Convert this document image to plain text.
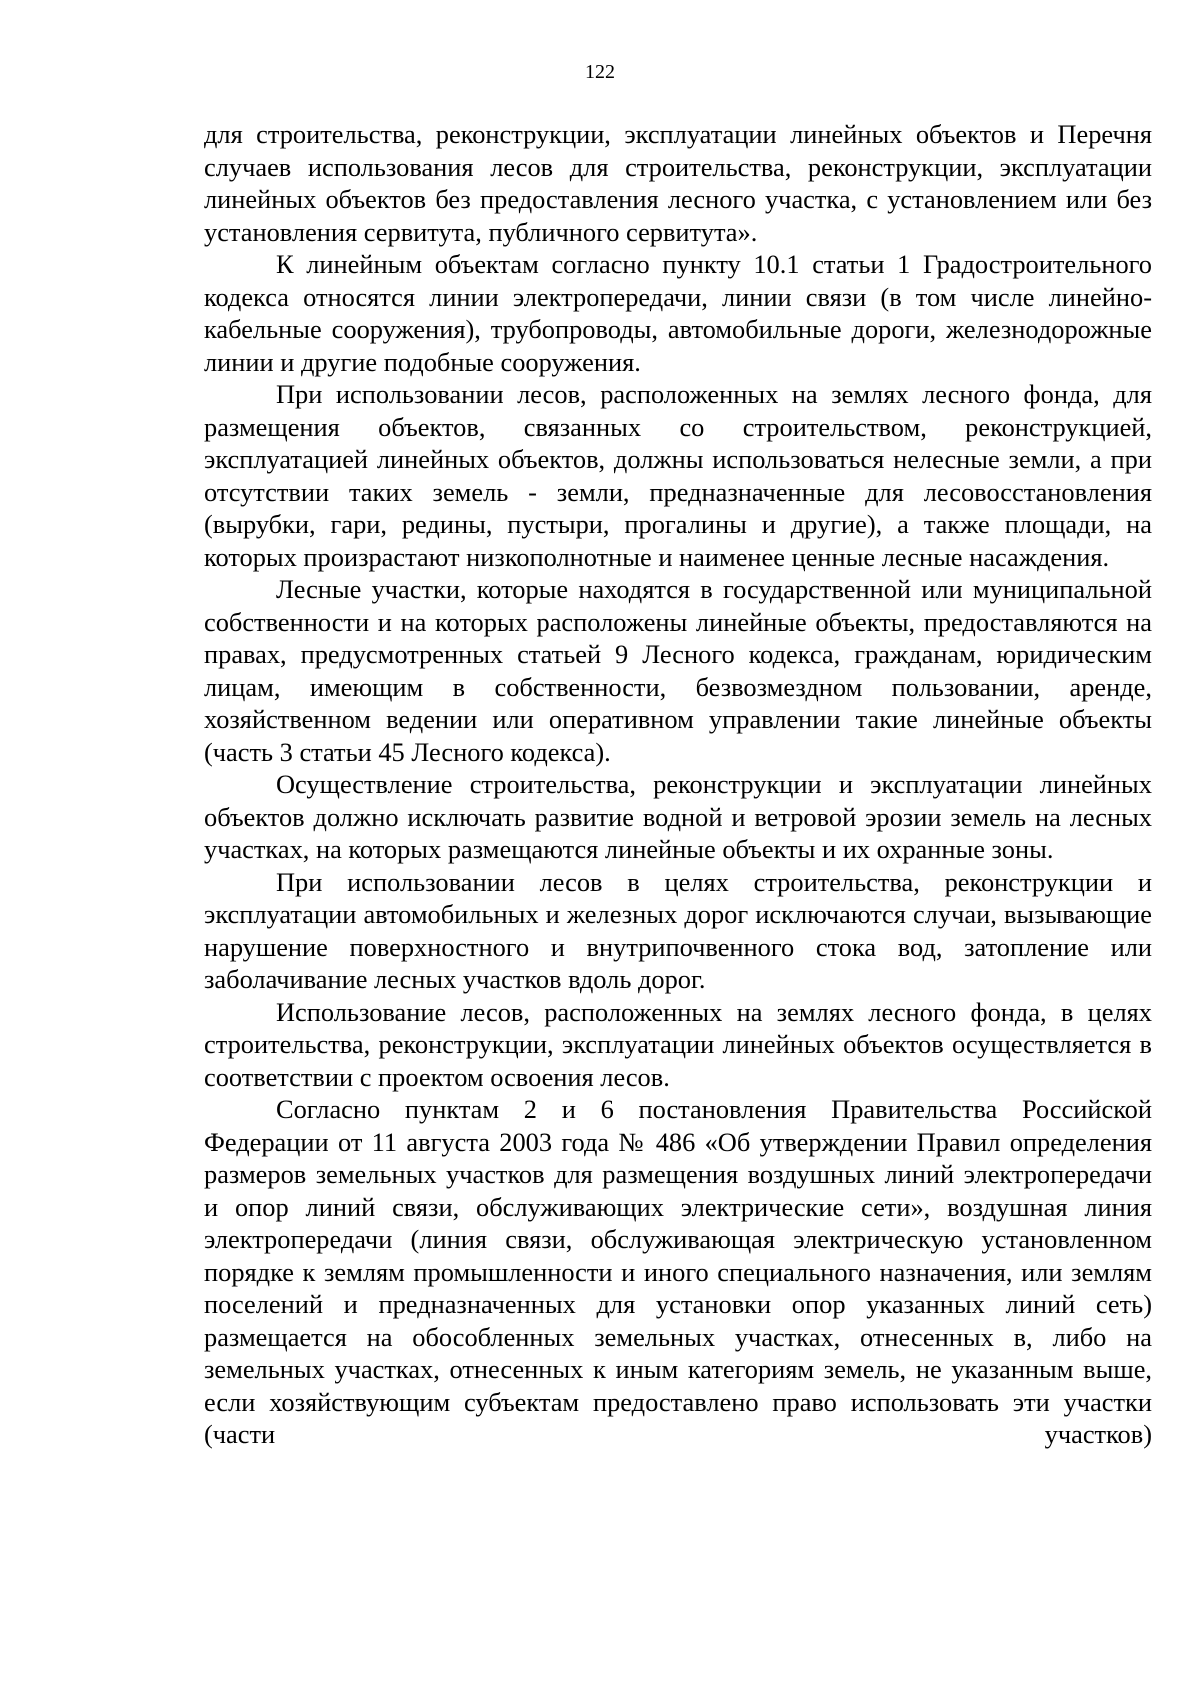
122

для строительства, реконструкции, эксплуатации линейных объектов и Перечня случаев использования лесов для строительства, реконструкции, эксплуатации линейных объектов без предоставления лесного участка, с установлением или без установления сервитута, публичного сервитута».

К линейным объектам согласно пункту 10.1 статьи 1 Градостроительного кодекса относятся линии электропередачи, линии связи (в том числе линейно-кабельные сооружения), трубопроводы, автомобильные дороги, железнодорожные линии и другие подобные сооружения.

При использовании лесов, расположенных на землях лесного фонда, для размещения объектов, связанных со строительством, реконструкцией, эксплуатацией линейных объектов, должны использоваться нелесные земли, а при отсутствии таких земель - земли, предназначенные для лесовосстановления (вырубки, гари, редины, пустыри, прогалины и другие), а также площади, на которых произрастают низкополнотные и наименее ценные лесные насаждения.

Лесные участки, которые находятся в государственной или муниципальной собственности и на которых расположены линейные объекты, предоставляются на правах, предусмотренных статьей 9 Лесного кодекса, гражданам, юридическим лицам, имеющим в собственности, безвозмездном пользовании, аренде, хозяйственном ведении или оперативном управлении такие линейные объекты (часть 3 статьи 45 Лесного кодекса).

Осуществление строительства, реконструкции и эксплуатации линейных объектов должно исключать развитие водной и ветровой эрозии земель на лесных участках, на которых размещаются линейные объекты и их охранные зоны.

При использовании лесов в целях строительства, реконструкции и эксплуатации автомобильных и железных дорог исключаются случаи, вызывающие нарушение поверхностного и внутрипочвенного стока вод, затопление или заболачивание лесных участков вдоль дорог.

Использование лесов, расположенных на землях лесного фонда, в целях строительства, реконструкции, эксплуатации линейных объектов осуществляется в соответствии с проектом освоения лесов.

Согласно пунктам 2 и 6 постановления Правительства Российской Федерации от 11 августа 2003 года № 486 «Об утверждении Правил определения размеров земельных участков для размещения воздушных линий электропередачи и опор линий связи, обслуживающих электрические сети», воздушная линия электропередачи (линия связи, обслуживающая электрическую установленном порядке к землям промышленности и иного специального назначения, или землям поселений и предназначенных для установки опор указанных линий сеть) размещается на обособленных земельных участках, отнесенных в, либо на земельных участках, отнесенных к иным категориям земель, не указанным выше, если хозяйствующим субъектам предоставлено право использовать эти участки (части участков)
